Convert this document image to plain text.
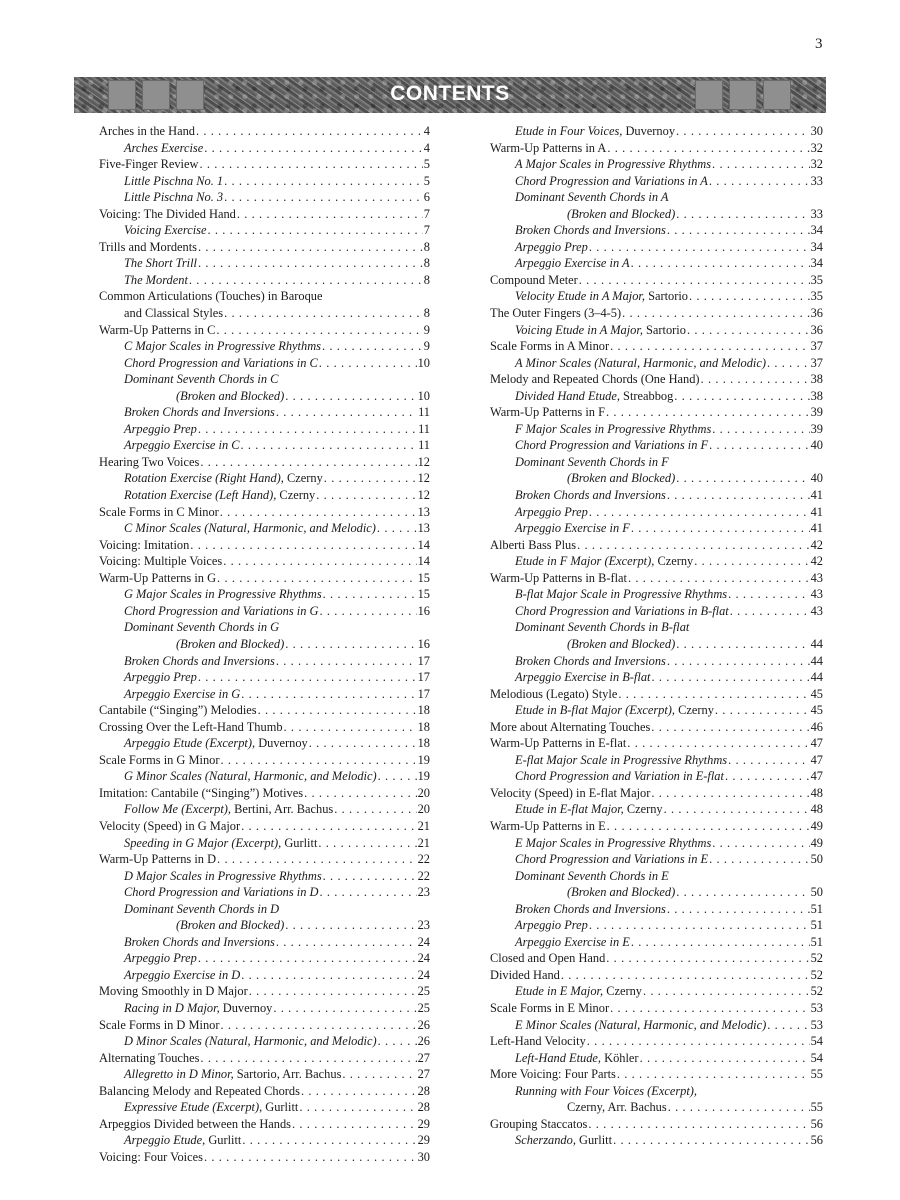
3
CONTENTS
Arches in the Hand . . .	4
Arches Exercise . . .	4
Five-Finger Review . . .	5
Little Pischna No. 1 . . .	5
Little Pischna No. 3 . . .	6
Voicing: The Divided Hand . . .	7
Voicing Exercise . . .	7
Trills and Mordents . . .	8
The Short Trill . . .	8
The Mordent . . .	8
Common Articulations (Touches) in Baroque
and Classical Styles . . .	8
Warm-Up Patterns in C . . .	9
C Major Scales in Progressive Rhythms . . .	9
Chord Progression and Variations in C . . .	10
Dominant Seventh Chords in C
(Broken and Blocked) . . .	10
Broken Chords and Inversions . . .	11
Arpeggio Prep . . .	11
Arpeggio Exercise in C . . .	11
Hearing Two Voices . . .	12
Rotation Exercise (Right Hand), Czerny . . .	12
Rotation Exercise (Left Hand), Czerny . . .	12
Scale Forms in C Minor . . .	13
C Minor Scales (Natural, Harmonic, and Melodic) . . .	13
Voicing: Imitation . . .	14
Voicing: Multiple Voices . . .	14
Warm-Up Patterns in G . . .	15
G Major Scales in Progressive Rhythms . . .	15
Chord Progression and Variations in G . . .	16
Dominant Seventh Chords in G
(Broken and Blocked) . . .	16
Broken Chords and Inversions . . .	17
Arpeggio Prep . . .	17
Arpeggio Exercise in G . . .	17
Cantabile (“Singing”) Melodies . . .	18
Crossing Over the Left-Hand Thumb . . .	18
Arpeggio Etude (Excerpt), Duvernoy . . .	18
Scale Forms in G Minor . . .	19
G Minor Scales (Natural, Harmonic, and Melodic) . . .	19
Imitation: Cantabile (“Singing”) Motives . . .	20
Follow Me (Excerpt), Bertini, Arr. Bachus . . .	20
Velocity (Speed) in G Major . . .	21
Speeding in G Major (Excerpt), Gurlitt . . .	21
Warm-Up Patterns in D . . .	22
D Major Scales in Progressive Rhythms . . .	22
Chord Progression and Variations in D . . .	23
Dominant Seventh Chords in D
(Broken and Blocked) . . .	23
Broken Chords and Inversions . . .	24
Arpeggio Prep . . .	24
Arpeggio Exercise in D . . .	24
Moving Smoothly in D Major . . .	25
Racing in D Major, Duvernoy . . .	25
Scale Forms in D Minor . . .	26
D Minor Scales (Natural, Harmonic, and Melodic) . . .	26
Alternating Touches . . .	27
Allegretto in D Minor, Sartorio, Arr. Bachus . . .	27
Balancing Melody and Repeated Chords . . .	28
Expressive Etude (Excerpt), Gurlitt . . .	28
Arpeggios Divided between the Hands . . .	29
Arpeggio Etude, Gurlitt . . .	29
Voicing: Four Voices . . .	30
Etude in Four Voices, Duvernoy . . .	30
Warm-Up Patterns in A . . .	32
A Major Scales in Progressive Rhythms . . .	32
Chord Progression and Variations in A . . .	33
Dominant Seventh Chords in A
(Broken and Blocked) . . .	33
Broken Chords and Inversions . . .	34
Arpeggio Prep . . .	34
Arpeggio Exercise in A . . .	34
Compound Meter . . .	35
Velocity Etude in A Major, Sartorio . . .	35
The Outer Fingers (3–4-5) . . .	36
Voicing Etude in A Major, Sartorio . . .	36
Scale Forms in A Minor . . .	37
A Minor Scales (Natural, Harmonic, and Melodic) . . .	37
Melody and Repeated Chords (One Hand) . . .	38
Divided Hand Etude, Streabbog . . .	38
Warm-Up Patterns in F . . .	39
F Major Scales in Progressive Rhythms . . .	39
Chord Progression and Variations in F . . .	40
Dominant Seventh Chords in F
(Broken and Blocked) . . .	40
Broken Chords and Inversions . . .	41
Arpeggio Prep . . .	41
Arpeggio Exercise in F . . .	41
Alberti Bass Plus . . .	42
Etude in F Major (Excerpt), Czerny . . .	42
Warm-Up Patterns in B-flat . . .	43
B-flat Major Scale in Progressive Rhythms . . .	43
Chord Progression and Variations in B-flat . . .	43
Dominant Seventh Chords in B-flat
(Broken and Blocked) . . .	44
Broken Chords and Inversions . . .	44
Arpeggio Exercise in B-flat . . .	44
Melodious (Legato) Style . . .	45
Etude in B-flat Major (Excerpt), Czerny . . .	45
More about Alternating Touches . . .	46
Warm-Up Patterns in E-flat . . .	47
E-flat Major Scale in Progressive Rhythms . . .	47
Chord Progression and Variation in E-flat . . .	47
Velocity (Speed) in E-flat Major . . .	48
Etude in E-flat Major, Czerny . . .	48
Warm-Up Patterns in E . . .	49
E Major Scales in Progressive Rhythms . . .	49
Chord Progression and Variations in E . . .	50
Dominant Seventh Chords in E
(Broken and Blocked) . . .	50
Broken Chords and Inversions . . .	51
Arpeggio Prep . . .	51
Arpeggio Exercise in E . . .	51
Closed and Open Hand . . .	52
Divided Hand . . .	52
Etude in E Major, Czerny . . .	52
Scale Forms in E Minor . . .	53
E Minor Scales (Natural, Harmonic, and Melodic) . . .	53
Left-Hand Velocity . . .	54
Left-Hand Etude, Köhler . . .	54
More Voicing: Four Parts . . .	55
Running with Four Voices (Excerpt),
Czerny, Arr. Bachus . . .	55
Grouping Staccatos . . .	56
Scherzando, Gurlitt . . .	56
